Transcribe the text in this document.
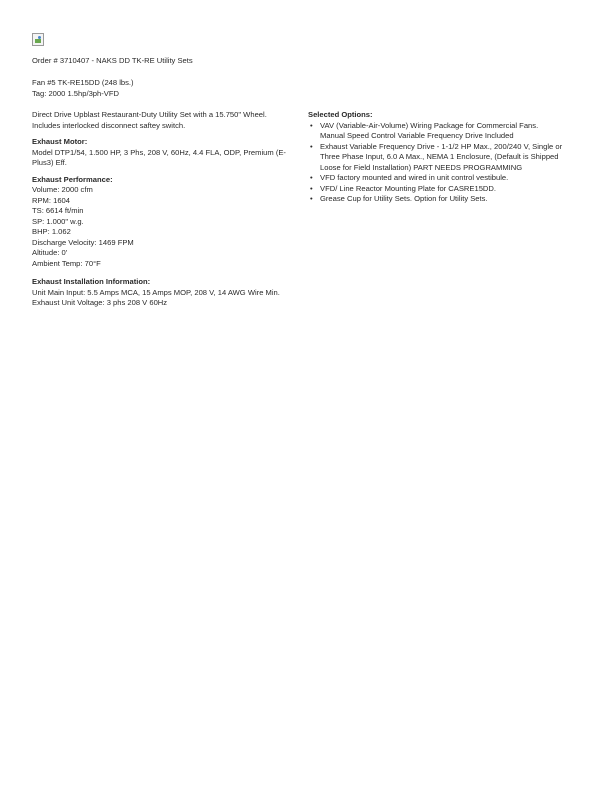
Order # 3710407 - NAKS DD TK-RE Utility Sets
Fan #5 TK-RE15DD (248 lbs.)
Tag: 2000 1.5hp/3ph-VFD

Direct Drive Upblast Restaurant-Duty Utility Set with a 15.750" Wheel. Includes interlocked disconnect saftey switch.

Exhaust Motor:

Model DTP1/54, 1.500 HP, 3 Phs, 208 V, 60Hz, 4.4 FLA, ODP, Premium (E-Plus3) Eff.

Exhaust Performance:

Volume: 2000 cfm

RPM: 1604

TS: 6614 ft/min

SP: 1.000" w.g.

BHP: 1.062

Discharge Velocity: 1469 FPM

Altitude: 0'

Ambient Temp: 70°F

Exhaust Installation Information:

Unit Main Input: 5.5 Amps MCA, 15 Amps MOP, 208 V, 14 AWG Wire Min.

Exhaust Unit Voltage: 3 phs 208 V 60Hz

Selected Options:

• VAV (Variable-Air-Volume) Wiring Package for Commercial Fans. Manual Speed Control Variable Frequency Drive Included
• Exhaust Variable Frequency Drive - 1-1/2 HP Max., 200/240 V, Single or Three Phase Input, 6.0 A Max., NEMA 1 Enclosure, (Default is Shipped Loose for Field Installation) PART NEEDS PROGRAMMING
• VFD factory mounted and wired in unit control vestibule.
• VFD/ Line Reactor Mounting Plate for CASRE15DD.
• Grease Cup for Utility Sets. Option for Utility Sets.
